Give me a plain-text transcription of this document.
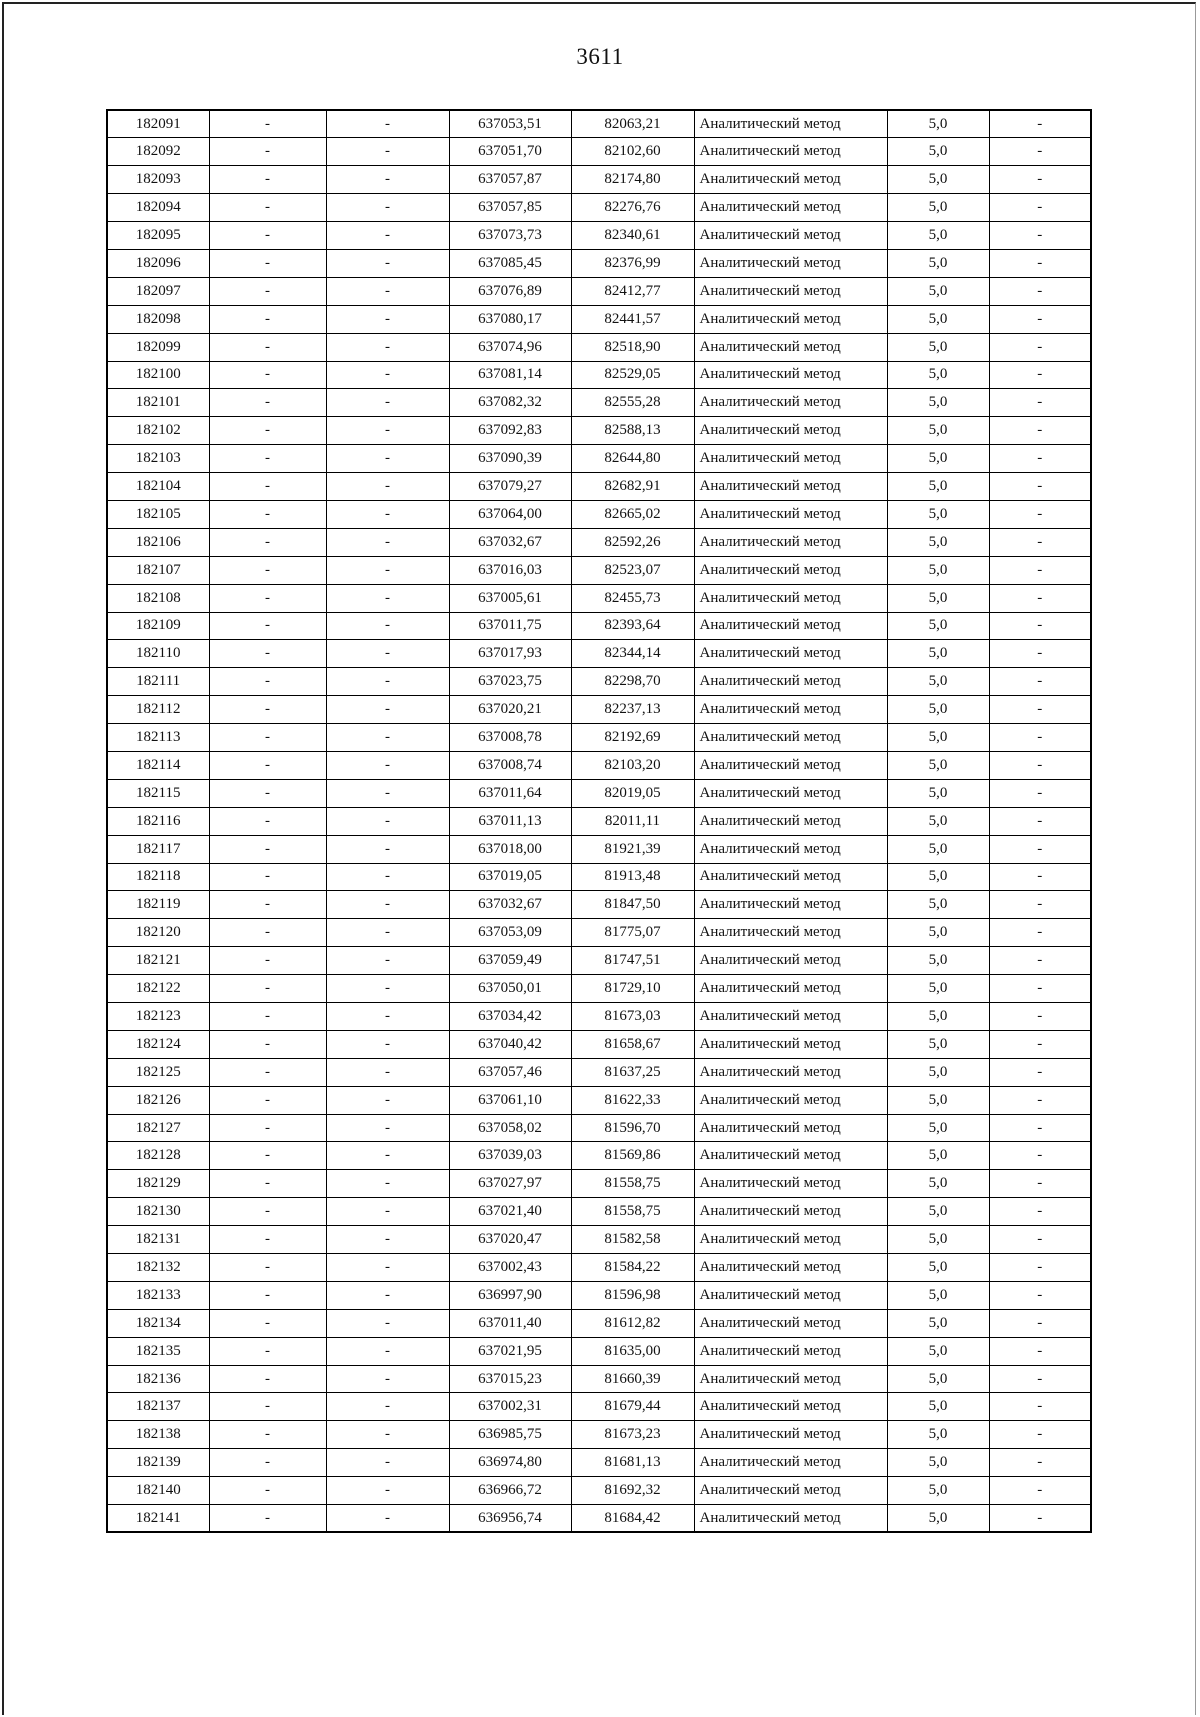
3611
182091	-	-	637053,51	82063,21	Аналитический метод	5,0	-
182092	-	-	637051,70	82102,60	Аналитический метод	5,0	-
182093	-	-	637057,87	82174,80	Аналитический метод	5,0	-
182094	-	-	637057,85	82276,76	Аналитический метод	5,0	-
182095	-	-	637073,73	82340,61	Аналитический метод	5,0	-
182096	-	-	637085,45	82376,99	Аналитический метод	5,0	-
182097	-	-	637076,89	82412,77	Аналитический метод	5,0	-
182098	-	-	637080,17	82441,57	Аналитический метод	5,0	-
182099	-	-	637074,96	82518,90	Аналитический метод	5,0	-
182100	-	-	637081,14	82529,05	Аналитический метод	5,0	-
182101	-	-	637082,32	82555,28	Аналитический метод	5,0	-
182102	-	-	637092,83	82588,13	Аналитический метод	5,0	-
182103	-	-	637090,39	82644,80	Аналитический метод	5,0	-
182104	-	-	637079,27	82682,91	Аналитический метод	5,0	-
182105	-	-	637064,00	82665,02	Аналитический метод	5,0	-
182106	-	-	637032,67	82592,26	Аналитический метод	5,0	-
182107	-	-	637016,03	82523,07	Аналитический метод	5,0	-
182108	-	-	637005,61	82455,73	Аналитический метод	5,0	-
182109	-	-	637011,75	82393,64	Аналитический метод	5,0	-
182110	-	-	637017,93	82344,14	Аналитический метод	5,0	-
182111	-	-	637023,75	82298,70	Аналитический метод	5,0	-
182112	-	-	637020,21	82237,13	Аналитический метод	5,0	-
182113	-	-	637008,78	82192,69	Аналитический метод	5,0	-
182114	-	-	637008,74	82103,20	Аналитический метод	5,0	-
182115	-	-	637011,64	82019,05	Аналитический метод	5,0	-
182116	-	-	637011,13	82011,11	Аналитический метод	5,0	-
182117	-	-	637018,00	81921,39	Аналитический метод	5,0	-
182118	-	-	637019,05	81913,48	Аналитический метод	5,0	-
182119	-	-	637032,67	81847,50	Аналитический метод	5,0	-
182120	-	-	637053,09	81775,07	Аналитический метод	5,0	-
182121	-	-	637059,49	81747,51	Аналитический метод	5,0	-
182122	-	-	637050,01	81729,10	Аналитический метод	5,0	-
182123	-	-	637034,42	81673,03	Аналитический метод	5,0	-
182124	-	-	637040,42	81658,67	Аналитический метод	5,0	-
182125	-	-	637057,46	81637,25	Аналитический метод	5,0	-
182126	-	-	637061,10	81622,33	Аналитический метод	5,0	-
182127	-	-	637058,02	81596,70	Аналитический метод	5,0	-
182128	-	-	637039,03	81569,86	Аналитический метод	5,0	-
182129	-	-	637027,97	81558,75	Аналитический метод	5,0	-
182130	-	-	637021,40	81558,75	Аналитический метод	5,0	-
182131	-	-	637020,47	81582,58	Аналитический метод	5,0	-
182132	-	-	637002,43	81584,22	Аналитический метод	5,0	-
182133	-	-	636997,90	81596,98	Аналитический метод	5,0	-
182134	-	-	637011,40	81612,82	Аналитический метод	5,0	-
182135	-	-	637021,95	81635,00	Аналитический метод	5,0	-
182136	-	-	637015,23	81660,39	Аналитический метод	5,0	-
182137	-	-	637002,31	81679,44	Аналитический метод	5,0	-
182138	-	-	636985,75	81673,23	Аналитический метод	5,0	-
182139	-	-	636974,80	81681,13	Аналитический метод	5,0	-
182140	-	-	636966,72	81692,32	Аналитический метод	5,0	-
182141	-	-	636956,74	81684,42	Аналитический метод	5,0	-
